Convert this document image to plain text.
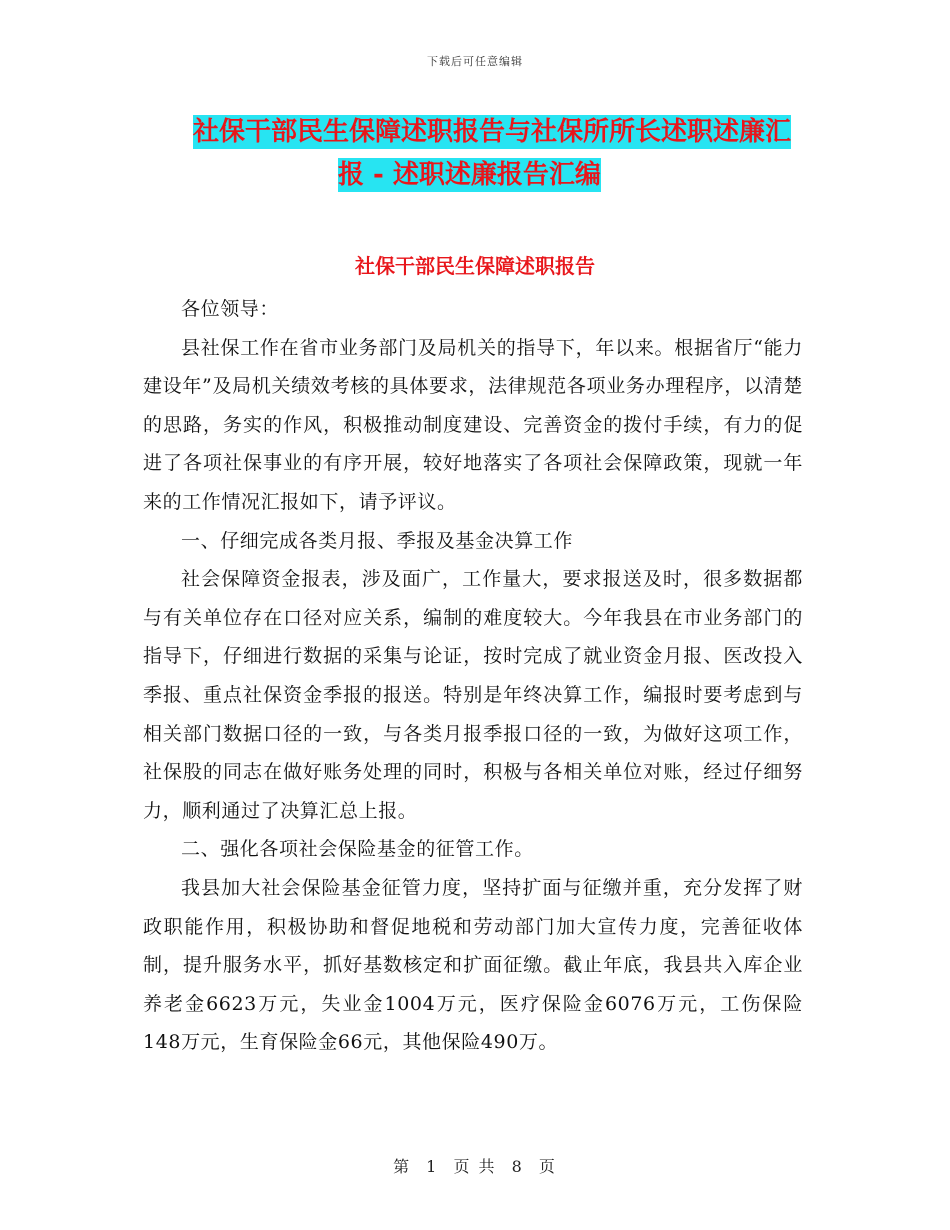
下载后可任意编辑
社保干部民生保障述职报告与社保所所长述职述廉汇
报 - 述职述廉报告汇编
社保干部民生保障述职报告

各位领导：

县社保工作在省市业务部门及局机关的指导下，年以来。根据省厅“能力建设年”及局机关绩效考核的具体要求，法律规范各项业务办理程序，以清楚的思路，务实的作风，积极推动制度建设、完善资金的拨付手续，有力的促进了各项社保事业的有序开展，较好地落实了各项社会保障政策，现就一年来的工作情况汇报如下，请予评议。

一、仔细完成各类月报、季报及基金决算工作

社会保障资金报表，涉及面广，工作量大，要求报送及时，很多数据都与有关单位存在口径对应关系，编制的难度较大。今年我县在市业务部门的指导下，仔细进行数据的采集与论证，按时完成了就业资金月报、医改投入季报、重点社保资金季报的报送。特别是年终决算工作，编报时要考虑到与相关部门数据口径的一致，与各类月报季报口径的一致，为做好这项工作，社保股的同志在做好账务处理的同时，积极与各相关单位对账，经过仔细努力，顺利通过了决算汇总上报。

二、强化各项社会保险基金的征管工作。

我县加大社会保险基金征管力度，坚持扩面与征缴并重，充分发挥了财政职能作用，积极协助和督促地税和劳动部门加大宣传力度，完善征收体制，提升服务水平，抓好基数核定和扩面征缴。截止年底，我县共入库企业养老金6623万元，失业金1004万元，医疗保险金6076万元，工伤保险148万元，生育保险金66元，其他保险490万。

第 1 页 共 8 页
